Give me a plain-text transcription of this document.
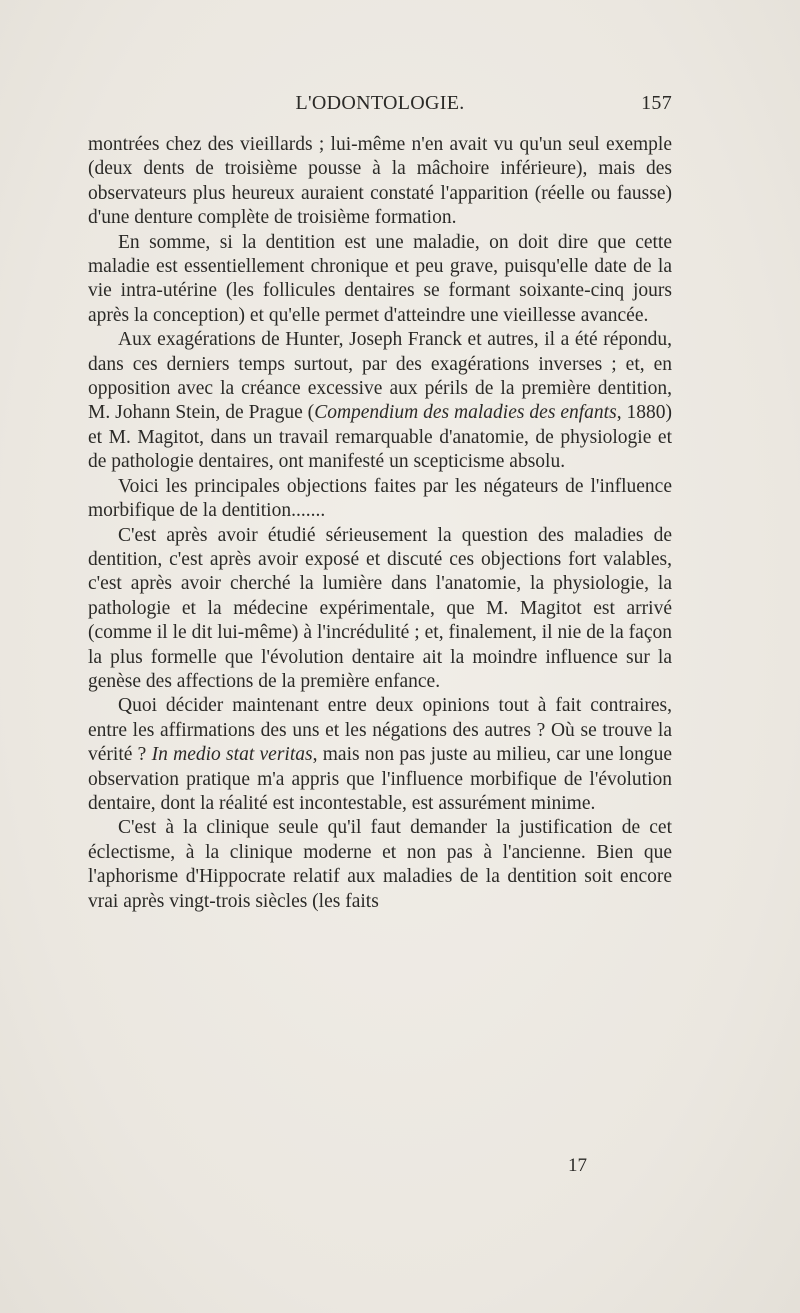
L'ODONTOLOGIE.	157

montrées chez des vieillards ; lui-même n'en avait vu qu'un seul exemple (deux dents de troisième pousse à la mâchoire inférieure), mais des observateurs plus heureux auraient constaté l'apparition (réelle ou fausse) d'une denture complète de troisième formation.

En somme, si la dentition est une maladie, on doit dire que cette maladie est essentiellement chronique et peu grave, puisqu'elle date de la vie intra-utérine (les follicules dentaires se formant soixante-cinq jours après la conception) et qu'elle permet d'atteindre une vieillesse avancée.

Aux exagérations de Hunter, Joseph Franck et autres, il a été répondu, dans ces derniers temps surtout, par des exagérations inverses ; et, en opposition avec la créance excessive aux périls de la première dentition, M. Johann Stein, de Prague (Compendium des maladies des enfants, 1880) et M. Magitot, dans un travail remarquable d'anatomie, de physiologie et de pathologie dentaires, ont manifesté un scepticisme absolu.

Voici les principales objections faites par les négateurs de l'influence morbifique de la dentition.......

C'est après avoir étudié sérieusement la question des maladies de dentition, c'est après avoir exposé et discuté ces objections fort valables, c'est après avoir cherché la lumière dans l'anatomie, la physiologie, la pathologie et la médecine expérimentale, que M. Magitot est arrivé (comme il le dit lui-même) à l'incrédulité ; et, finalement, il nie de la façon la plus formelle que l'évolution dentaire ait la moindre influence sur la genèse des affections de la première enfance.

Quoi décider maintenant entre deux opinions tout à fait contraires, entre les affirmations des uns et les négations des autres ? Où se trouve la vérité ? In medio stat veritas, mais non pas juste au milieu, car une longue observation pratique m'a appris que l'influence morbifique de l'évolution dentaire, dont la réalité est incontestable, est assurément minime.

C'est à la clinique seule qu'il faut demander la justification de cet éclectisme, à la clinique moderne et non pas à l'ancienne. Bien que l'aphorisme d'Hippocrate relatif aux maladies de la dentition soit encore vrai après vingt-trois siècles (les faits

17
